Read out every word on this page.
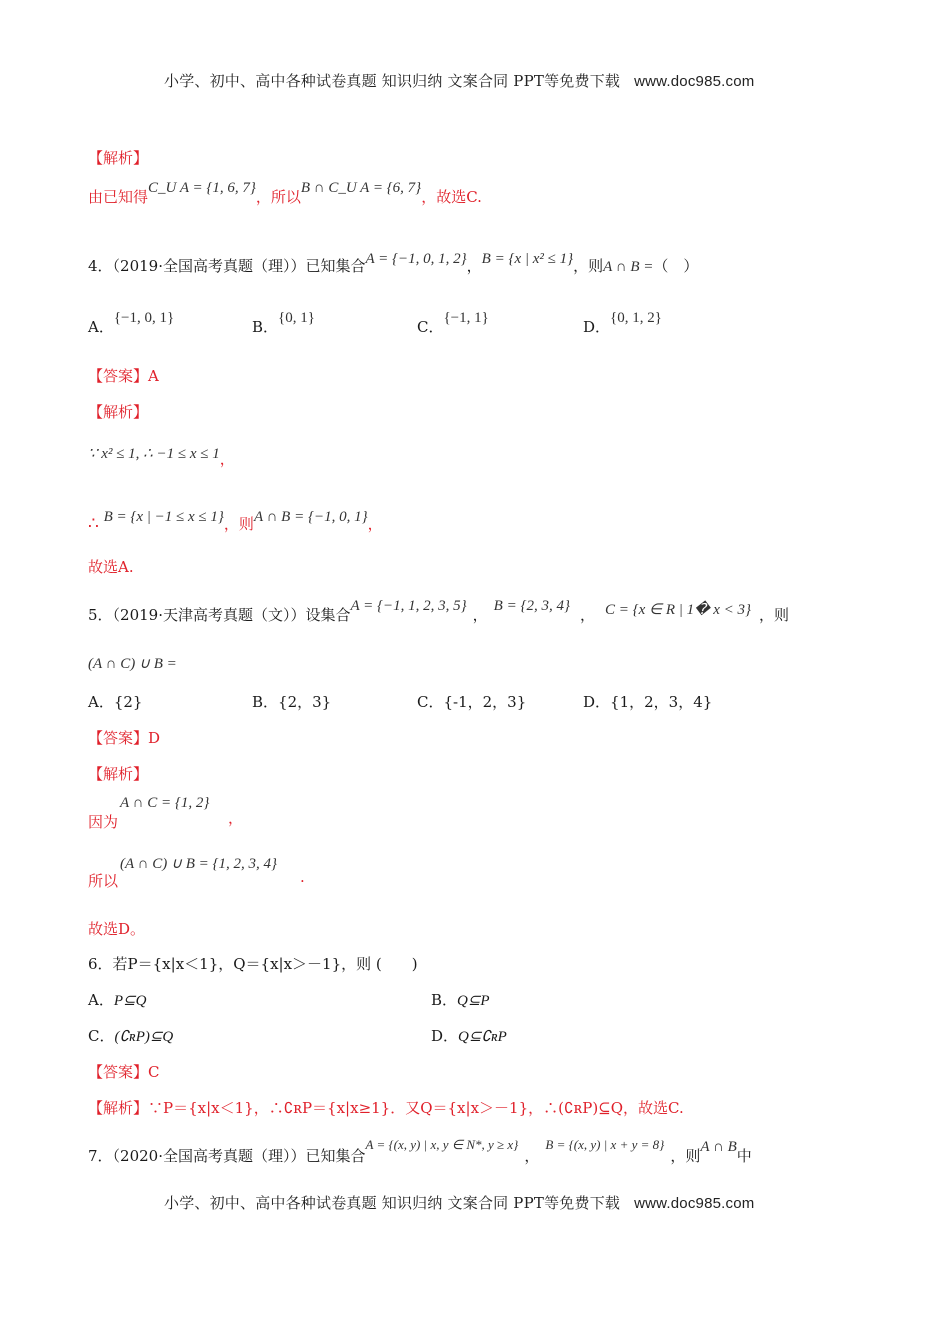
小学、初中、高中各种试卷真题 知识归纳 文案合同 PPT等免费下载 www.doc985.com
【解析】
由已知得C_U A = {1, 6, 7}，所以B ∩ C_U A = {6, 7}，故选C.
4．（2019·全国高考真题（理））已知集合A = {−1, 0, 1, 2}，B = {x | x² ≤ 1}，则A ∩ B =（　）
A．{−1, 0, 1}	B．{0, 1}	C．{−1, 1}	D．{0, 1, 2}
【答案】A
【解析】
∵ x² ≤ 1, ∴ −1 ≤ x ≤ 1，
∴ B = {x | −1 ≤ x ≤ 1}，则A ∩ B = {−1, 0, 1}，
故选A.
5．（2019·天津高考真题（文））设集合A = {−1, 1, 2, 3, 5} ， B = {2, 3, 4} ， C = {x ∈ R | 1� x < 3} ，则
(A ∩ C) ∪ B =
A．{2}	B．{2，3}	C．{-1，2，3}	D．{1，2，3，4}
【答案】D
【解析】
A ∩ C = {1, 2}
因为	，
(A ∩ C) ∪ B = {1, 2, 3, 4}
所以	.
故选D。
6．若P＝{x|x＜1}，Q＝{x|x＞－1}，则 (　　)
A．P⊆Q	B．Q⊆P
C．(∁ʀP)⊆Q	D．Q⊆∁ʀP
【答案】C
【解析】∵P＝{x|x＜1}，∴∁ʀP＝{x|x≥1}．又Q＝{x|x＞－1}，∴(∁ʀP)⊆Q，故选C.
7．（2020·全国高考真题（理））已知集合A = {(x, y) | x, y ∈ N*, y ≥ x}，B = {(x, y) | x + y = 8}，则A ∩ B中
小学、初中、高中各种试卷真题 知识归纳 文案合同 PPT等免费下载 www.doc985.com
